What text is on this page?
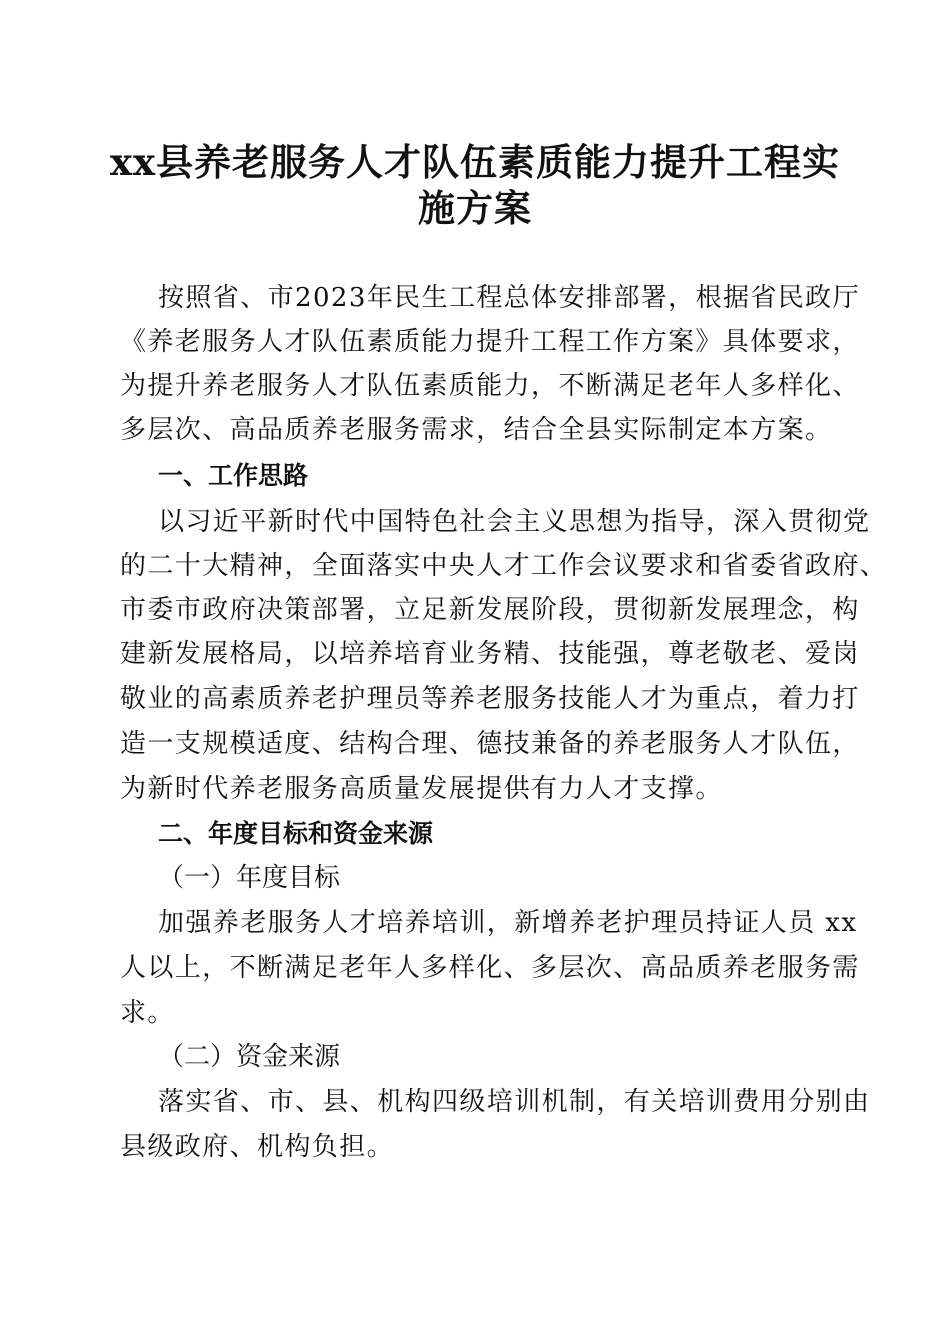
xx县养老服务人才队伍素质能力提升工程实
施方案
按照省、市2023年民生工程总体安排部署，根据省民政厅
《养老服务人才队伍素质能力提升工程工作方案》具体要求，
为提升养老服务人才队伍素质能力，不断满足老年人多样化、
多层次、高品质养老服务需求，结合全县实际制定本方案。
一、工作思路
以习近平新时代中国特色社会主义思想为指导，深入贯彻党
的二十大精神，全面落实中央人才工作会议要求和省委省政府、
市委市政府决策部署，立足新发展阶段，贯彻新发展理念，构
建新发展格局，以培养培育业务精、技能强，尊老敬老、爱岗
敬业的高素质养老护理员等养老服务技能人才为重点，着力打
造一支规模适度、结构合理、德技兼备的养老服务人才队伍，
为新时代养老服务高质量发展提供有力人才支撑。
二、年度目标和资金来源
（一）年度目标
加强养老服务人才培养培训，新增养老护理员持证人员 xx
人以上，不断满足老年人多样化、多层次、高品质养老服务需
求。
（二）资金来源
落实省、市、县、机构四级培训机制，有关培训费用分别由
县级政府、机构负担。
